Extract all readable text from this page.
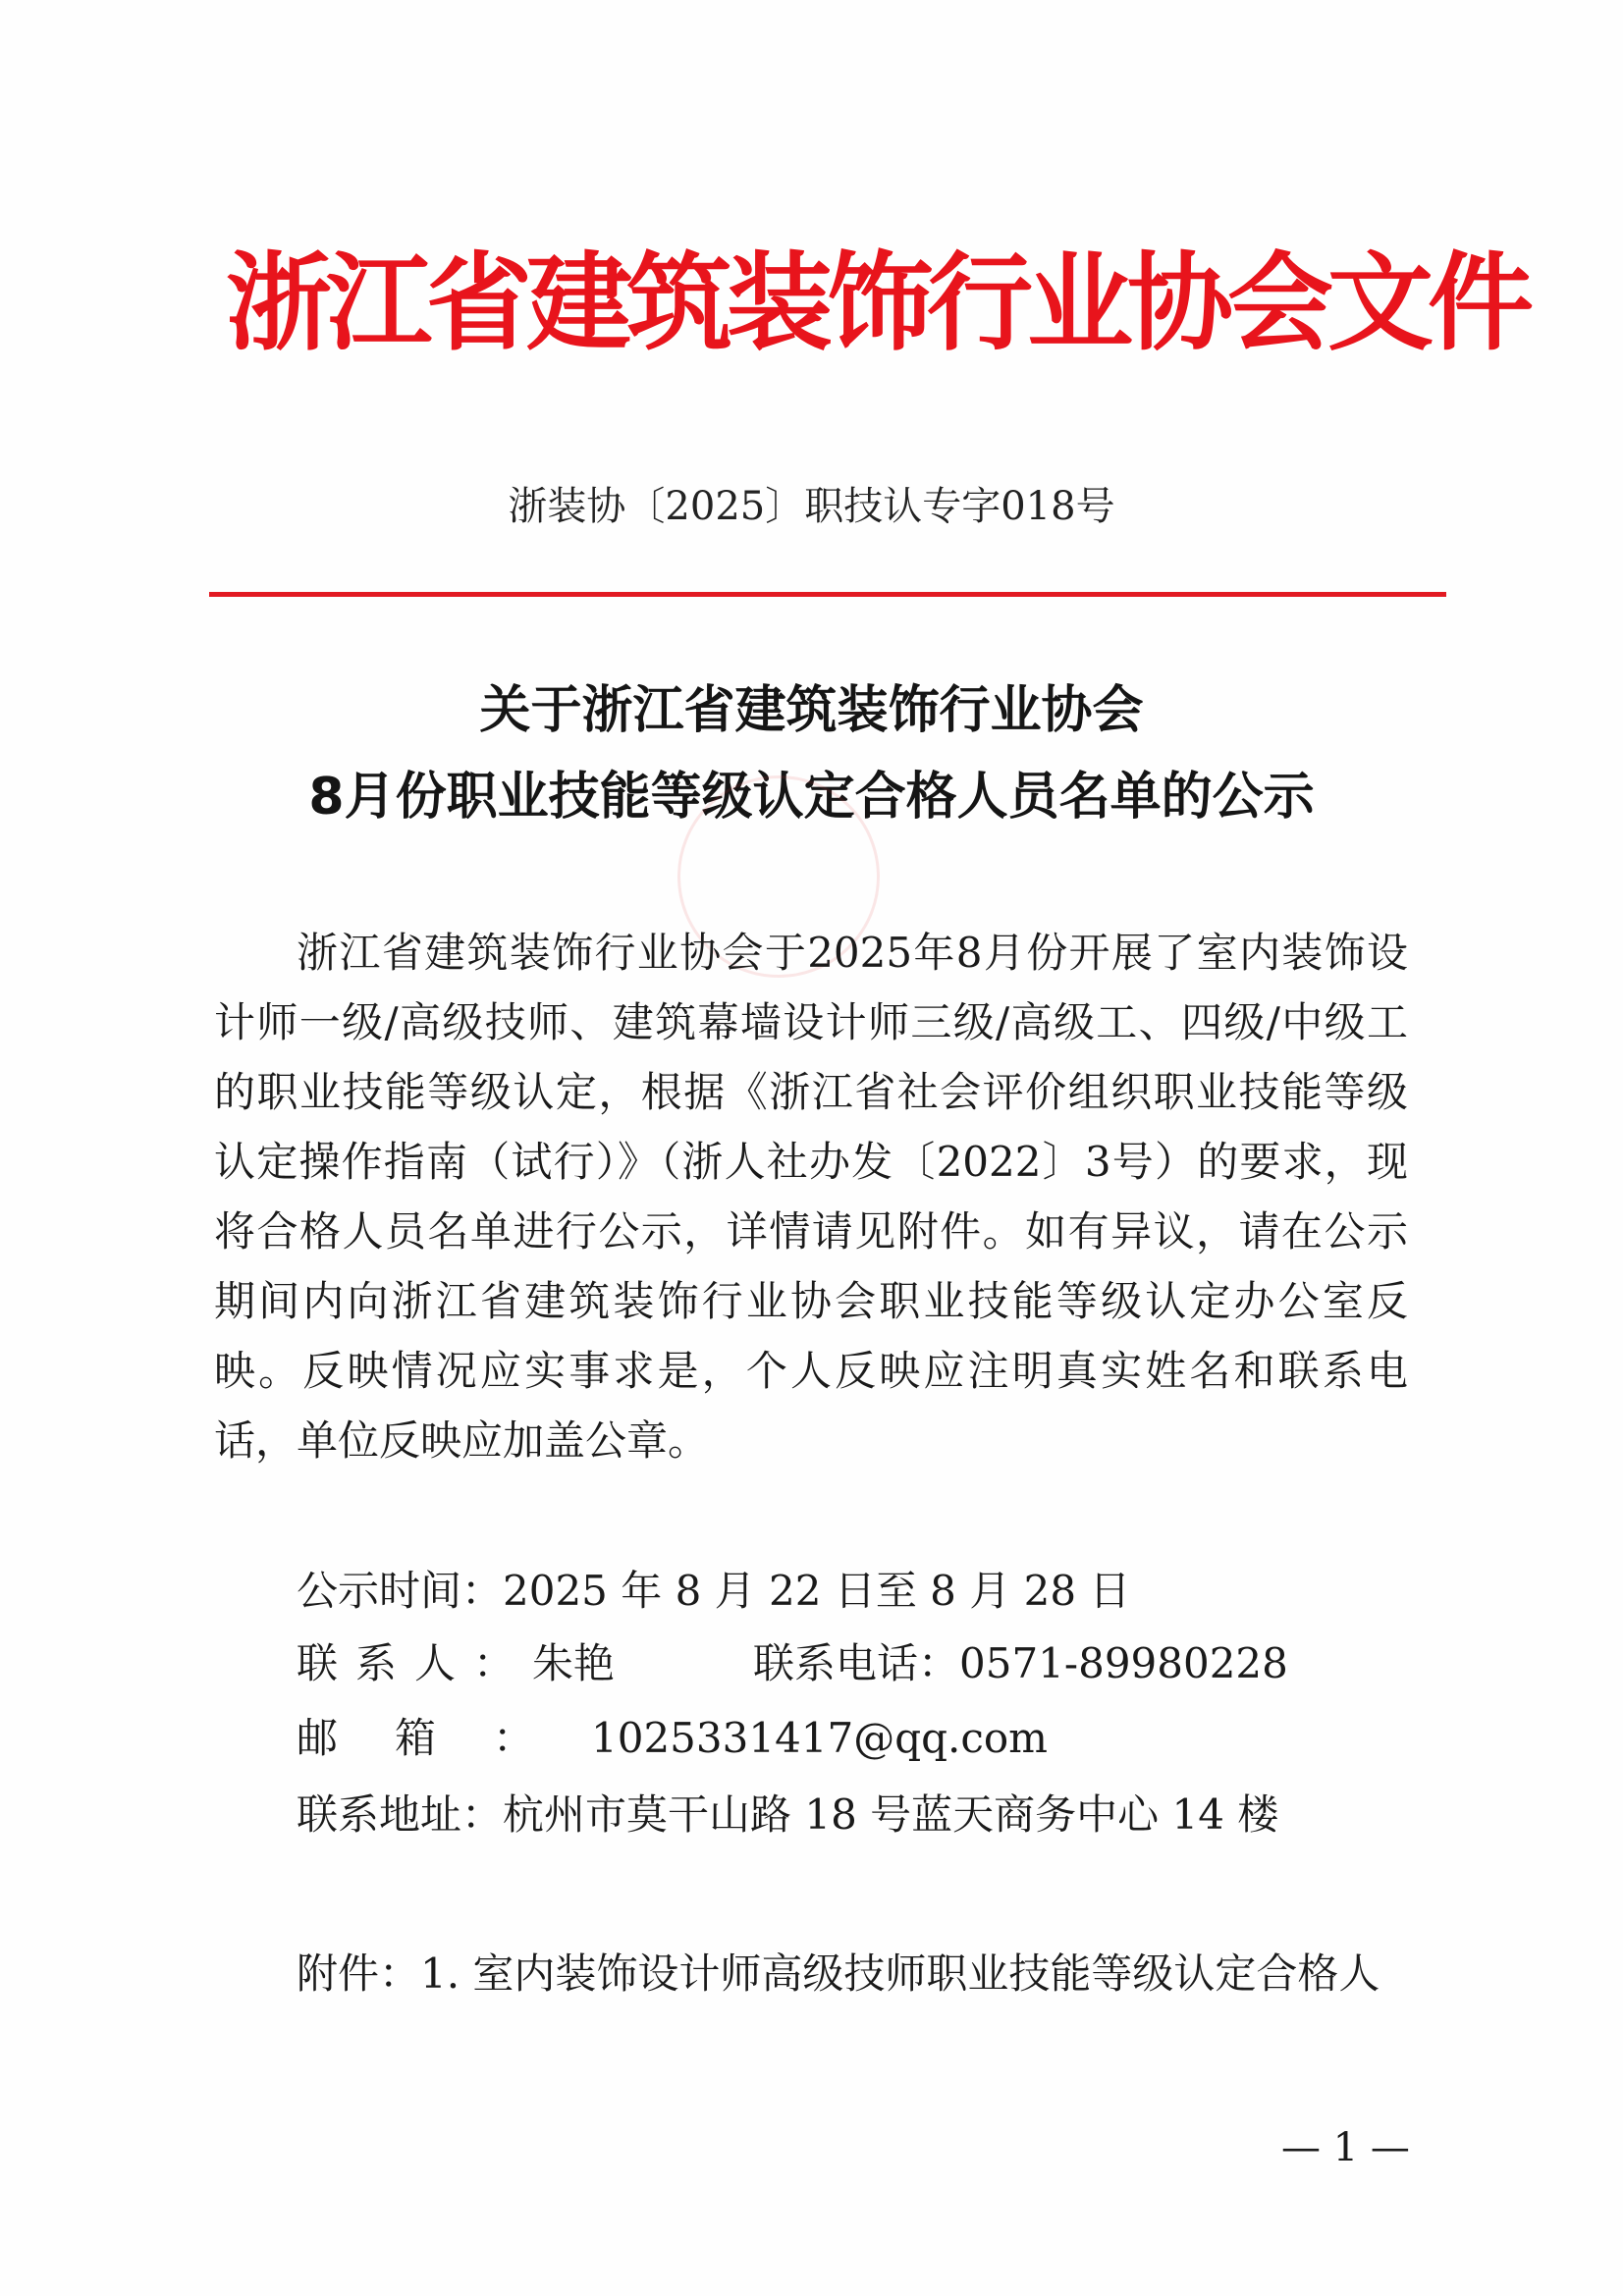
浙江省建筑装饰行业协会文件
浙装协〔2025〕职技认专字018号
关于浙江省建筑装饰行业协会
8月份职业技能等级认定合格人员名单的公示
浙江省建筑装饰行业协会于2025年8月份开展了室内装饰设计师一级/高级技师、建筑幕墙设计师三级/高级工、四级/中级工的职业技能等级认定，根据《浙江省社会评价组织职业技能等级认定操作指南（试行）》（浙人社办发〔2022〕3号）的要求，现将合格人员名单进行公示，详情请见附件。如有异议，请在公示期间内向浙江省建筑装饰行业协会职业技能等级认定办公室反映。反映情况应实事求是，个人反映应注明真实姓名和联系电话，单位反映应加盖公章。
公示时间：2025 年 8 月 22 日至 8 月 28 日
联系人：朱艳	联系电话：0571-89980228
邮箱：1025331417@qq.com
联系地址：杭州市莫干山路 18 号蓝天商务中心 14 楼
附件：1. 室内装饰设计师高级技师职业技能等级认定合格人
— 1 —
